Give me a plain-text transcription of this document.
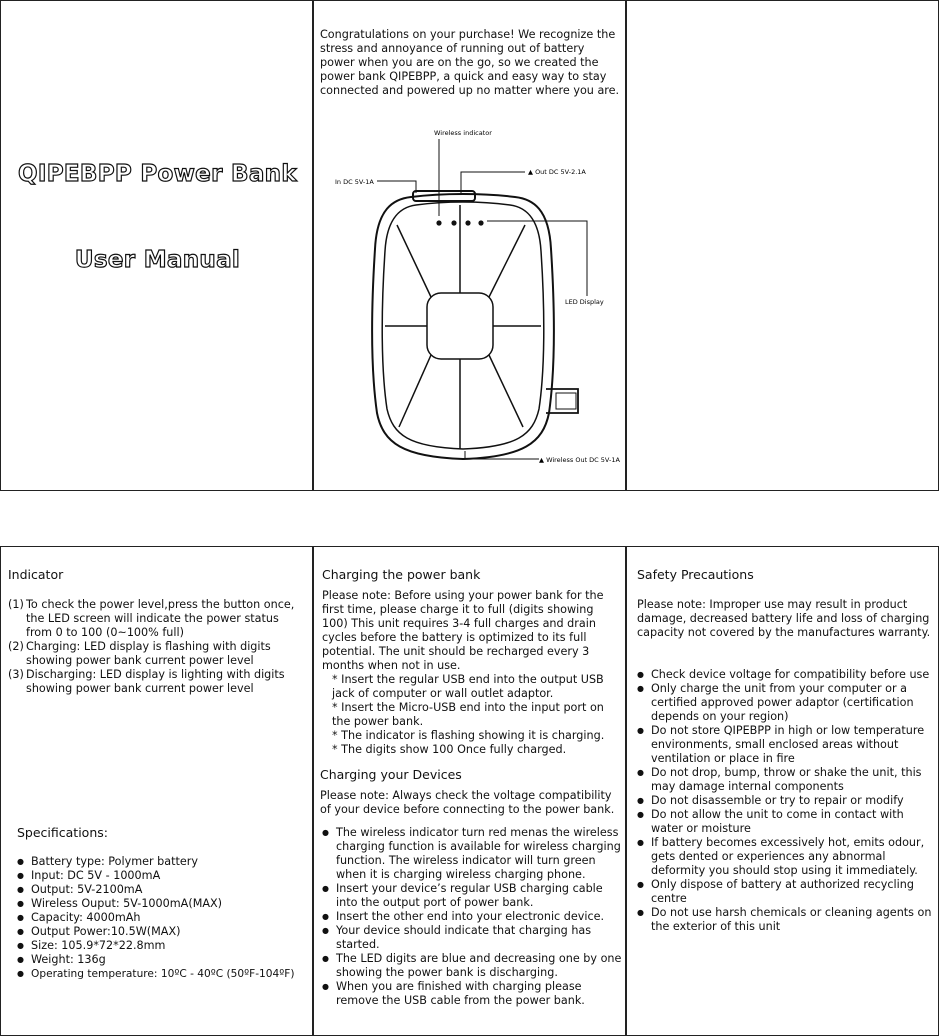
QIPEBPP Power Bank
User Manual

Congratulations on your purchase! We recognize the stress and annoyance of running out of battery power when you are on the go, so we created the power bank QIPEBPP, a quick and easy way to stay connected and powered up no matter where you are.

Wireless indicator
In DC 5V-1A
▲ Out DC 5V-2.1A
LED Display
▲ Wireless Out DC 5V-1A
Indicator
(1) To check the power level,press the button once, the LED screen will indicate the power status from 0 to 100 (0~100% full)
(2) Charging: LED display is flashing with digits showing power bank current power level
(3) Discharging: LED display is lighting with digits showing power bank current power level
Specifications:
● Battery type: Polymer battery
● Input: DC 5V - 1000mA
● Output: 5V-2100mA
● Wireless Ouput: 5V-1000mA(MAX)
● Capacity: 4000mAh
● Output Power:10.5W(MAX)
● Size: 105.9*72*22.8mm
● Weight: 136g
● Operating temperature: 10ºC - 40ºC (50ºF-104ºF)
Charging the power bank

Please note: Before using your power bank for the first time, please charge it to full (digits showing 100) This unit requires 3-4 full charges and drain cycles before the battery is optimized to its full potential. The unit should be recharged every 3 months when not in use.

* Insert the regular USB end into the output USB jack of computer or wall outlet adaptor.
* Insert the Micro-USB end into the input port on the power bank.
* The indicator is flashing showing it is charging.
* The digits show 100 Once fully charged.
Charging your Devices

Please note: Always check the voltage compatibility of your device before connecting to the power bank.

● The wireless indicator turn red menas the wireless charging function is available for wireless charging function. The wireless indicator will turn green when it is charging wireless charging phone.
● Insert your device’s regular USB charging cable into the output port of power bank.
● Insert the other end into your electronic device.
● Your device should indicate that charging has started.
● The LED digits are blue and decreasing one by one showing the power bank is discharging.
● When you are finished with charging please remove the USB cable from the power bank.
Safety Precautions

Please note: Improper use may result in product damage, decreased battery life and loss of charging capacity not covered by the manufactures warranty.

● Check device voltage for compatibility before use
● Only charge the unit from your computer or a certified approved power adaptor (certification depends on your region)
● Do not store QIPEBPP in high or low temperature environments, small enclosed areas without ventilation or place in fire
● Do not drop, bump, throw or shake the unit, this may damage internal components
● Do not disassemble or try to repair or modify
● Do not allow the unit to come in contact with water or moisture
● If battery becomes excessively hot, emits odour, gets dented or experiences any abnormal deformity you should stop using it immediately.
● Only dispose of battery at authorized recycling centre
● Do not use harsh chemicals or cleaning agents on the exterior of this unit
